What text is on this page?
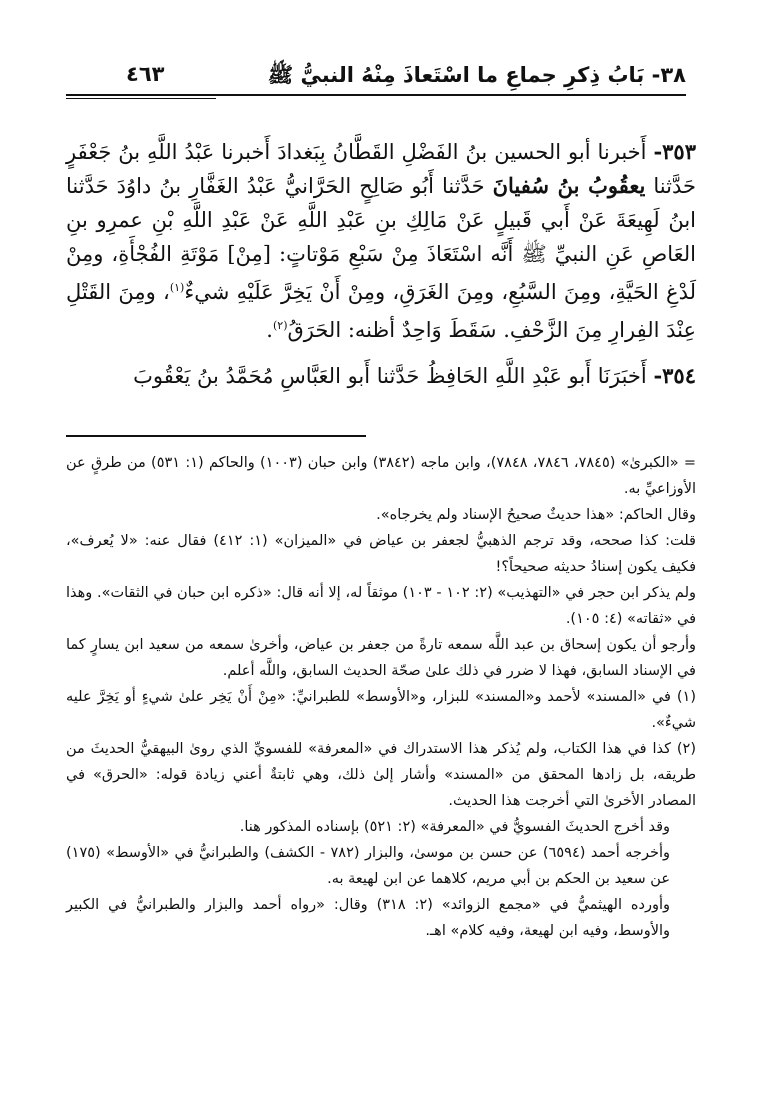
٣٨- بَابُ ذِكرِ جماعِ ما اسْتَعاذَ مِنْهُ النبيُّ ﷺ
٤٦٣

٣٥٣- أَخبرنا أبو الحسين بنُ الفَضْلِ القَطَّانُ بِبَغدادَ أَخبرنا عَبْدُ اللَّهِ بنُ جَعْفَرٍ حَدَّثنا يعقُوبُ بنُ سُفيانَ حَدَّثنا أَبُو صَالِحٍ الحَرَّانيُّ عَبْدُ الغَفَّارِ بنُ داوُدَ حَدَّثنا ابنُ لَهِيعَةَ عَنْ أَبي قَبيلٍ عَنْ مَالِكِ بنِ عَبْدِ اللَّهِ عَنْ عَبْدِ اللَّهِ بْنِ عمرِو بنِ العَاصِ عَنِ النبيِّ ﷺ أَنَّه اسْتَعَاذَ مِنْ سَبْعِ مَوْتاتٍ: [مِنْ] مَوْتَةِ الفُجْأَةِ، ومِنْ لَدْغِ الحَيَّةِ، ومِنَ السَّبُعِ، ومِنَ الغَرَقِ، ومِنْ أَنْ يَخِرَّ عَلَيْهِ شيءٌ$^{(١)}$، ومِنَ القَتْلِ عِنْدَ الفِرارِ مِنَ الزَّحْفِ. سَقَطَ وَاحِدٌ أظنه: الحَرَقُ$^{(٢)}$.

٣٥٤- أَخبَرَنَا أَبو عَبْدِ اللَّهِ الحَافِظُ حَدَّثنا أَبو العَبَّاسِ مُحَمَّدُ بنُ يَعْقُوبَ

= «الكبرىٰ» (٧٨٤٥، ٧٨٤٦، ٧٨٤٨)، وابن ماجه (٣٨٤٢) وابن حبان (١٠٠٣) والحاكم (١: ٥٣١) من طرقٍ عن الأوزاعيِّ به.

وقال الحاكم: «هذا حديثٌ صحيحُ الإسناد ولم يخرجاه».

قلت: كذا صححه، وقد ترجم الذهبيُّ لجعفر بن عياض في «الميزان» (١: ٤١٢) فقال عنه: «لا يُعرف»، فكيف يكون إسنادُ حديثه صحيحاً؟!

ولم يذكر ابن حجر في «التهذيب» (٢: ١٠٢ - ١٠٣) موثقاً له، إلا أنه قال: «ذكره ابن حبان في الثقات». وهذا في «ثقاته» (٤: ١٠٥).

وأرجو أن يكون إسحاق بن عبد اللَّه سمعه تارةً من جعفر بن عياض، وأخرىٰ سمعه من سعيد ابن يسارٍ كما في الإسناد السابق، فهذا لا ضرر في ذلك علىٰ صحّة الحديث السابق، واللَّه أعلم.

(١) في «المسند» لأحمد و«المسند» للبزار، و«الأوسط» للطبرانيِّ: «مِنْ أَنْ يَخِر علىٰ شيءٍ أو يَخِرَّ عليه شيءٌ».

(٢) كذا في هذا الكتاب، ولم يُذكر هذا الاستدراك في «المعرفة» للفسويِّ الذي روىٰ البيهقيُّ الحديثَ من طريقه، بل زادها المحقق من «المسند» وأشار إلىٰ ذلك، وهي ثابتةٌ أعني زيادة قوله: «الحرق» في المصادر الأخرىٰ التي أخرجت هذا الحديث.

وقد أخرج الحديثَ الفسويُّ في «المعرفة» (٢: ٥٢١) بإسناده المذكور هنا.

وأخرجه أحمد (٦٥٩٤) عن حسن بن موسىٰ، والبزار (٧٨٢ - الكشف) والطبرانيُّ في «الأوسط» (١٧٥) عن سعيد بن الحكم بن أبي مريم، كلاهما عن ابن لهيعة به.

وأورده الهيثميُّ في «مجمع الزوائد» (٢: ٣١٨) وقال: «رواه أحمد والبزار والطبرانيُّ في الكبير والأوسط، وفيه ابن لهيعة، وفيه كلام» اهـ.
